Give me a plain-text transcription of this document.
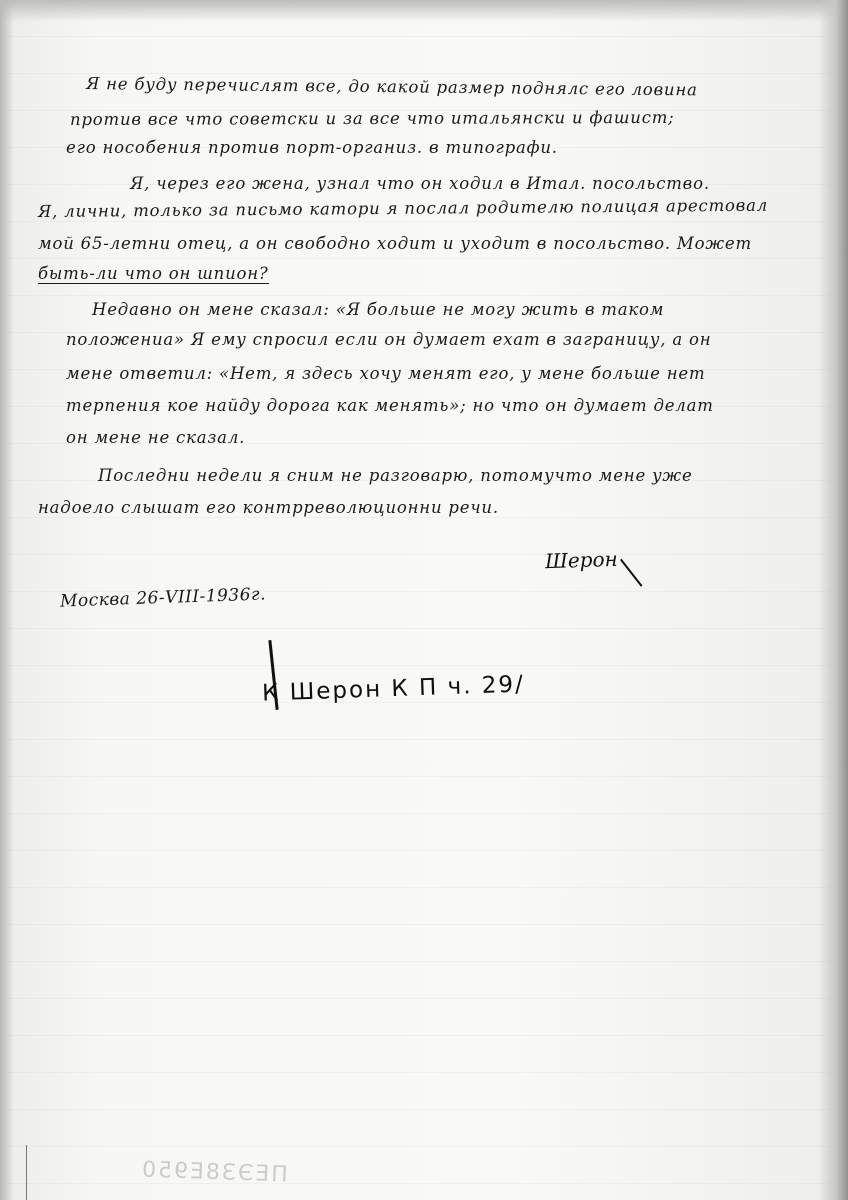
Я не буду перечислят все, до какой размер поднялс его ловина
против все что советски и за все что итальянски и фашист;
его нособения против порт-организ. в типографи.
Я, через его жена, узнал что он ходил в Итал. посольство.
Я, лични, только за письмо катори я послал родителю полицая арестовал
мой 65-летни отец, а он свободно ходит и уходит в посольство. Может
быть-ли что он шпион?
Недавно он мене сказал: «Я больше не могу жить в таком
положениа» Я ему спросил если он думает ехат в заграницу, а он
мене ответил: «Нет, я здесь хочу менят его, у мене больше нет
терпения кое найду дорога как менять»; но что он думает делат
он мене не сказал.
Последни недели я сним не разговарю, потомучто мене уже
надоело слышат его контрреволюционни речи.
Шерон
Москва 26-VIII-1936г.
К Шерон К П ч. 29/
ПЕЭЗ8Е950
